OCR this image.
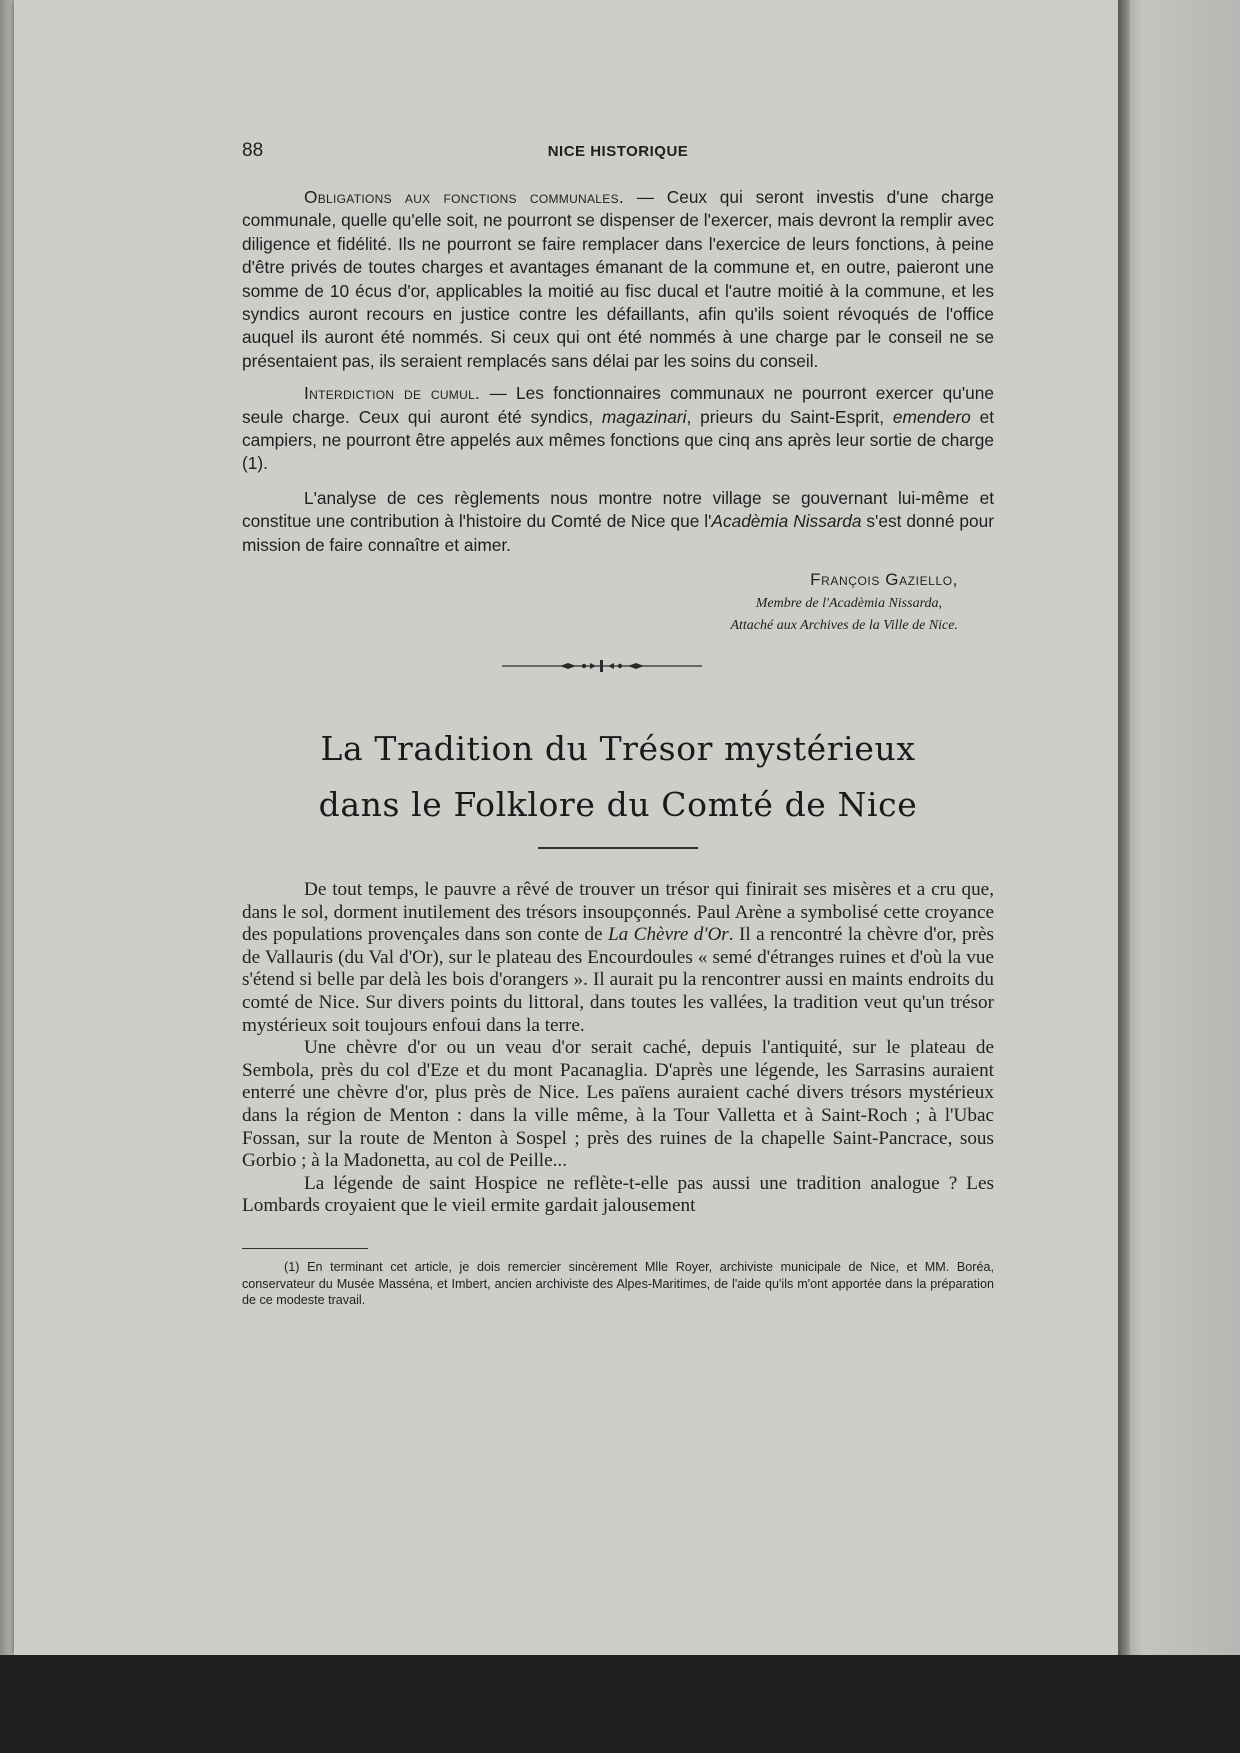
88	NICE HISTORIQUE

Obligations aux fonctions communales. — Ceux qui seront investis d'une charge communale, quelle qu'elle soit, ne pourront se dispenser de l'exercer, mais devront la remplir avec diligence et fidélité. Ils ne pourront se faire remplacer dans l'exercice de leurs fonctions, à peine d'être privés de toutes charges et avantages émanant de la commune et, en outre, paieront une somme de 10 écus d'or, applicables la moitié au fisc ducal et l'autre moitié à la commune, et les syndics auront recours en justice contre les défaillants, afin qu'ils soient révoqués de l'office auquel ils auront été nommés. Si ceux qui ont été nommés à une charge par le conseil ne se présentaient pas, ils seraient remplacés sans délai par les soins du conseil.

Interdiction de cumul. — Les fonctionnaires communaux ne pourront exercer qu'une seule charge. Ceux qui auront été syndics, magazinari, prieurs du Saint-Esprit, emendero et campiers, ne pourront être appelés aux mêmes fonctions que cinq ans après leur sortie de charge (1).

L'analyse de ces règlements nous montre notre village se gouvernant lui-même et constitue une contribution à l'histoire du Comté de Nice que l'Acadèmia Nissarda s'est donné pour mission de faire connaître et aimer.

François Gaziello,
Membre de l'Acadèmia Nissarda,
Attaché aux Archives de la Ville de Nice.
La Tradition du Trésor mystérieux
dans le Folklore du Comté de Nice

De tout temps, le pauvre a rêvé de trouver un trésor qui finirait ses misères et a cru que, dans le sol, dorment inutilement des trésors insoupçonnés. Paul Arène a symbolisé cette croyance des populations provençales dans son conte de La Chèvre d'Or. Il a rencontré la chèvre d'or, près de Vallauris (du Val d'Or), sur le plateau des Encourdoules « semé d'étranges ruines et d'où la vue s'étend si belle par delà les bois d'orangers ». Il aurait pu la rencontrer aussi en maints endroits du comté de Nice. Sur divers points du littoral, dans toutes les vallées, la tradition veut qu'un trésor mystérieux soit toujours enfoui dans la terre.

Une chèvre d'or ou un veau d'or serait caché, depuis l'antiquité, sur le plateau de Sembola, près du col d'Eze et du mont Pacanaglia. D'après une légende, les Sarrasins auraient enterré une chèvre d'or, plus près de Nice. Les païens auraient caché divers trésors mystérieux dans la région de Menton : dans la ville même, à la Tour Valletta et à Saint-Roch ; à l'Ubac Fossan, sur la route de Menton à Sospel ; près des ruines de la chapelle Saint-Pancrace, sous Gorbio ; à la Madonetta, au col de Peille...

La légende de saint Hospice ne reflète-t-elle pas aussi une tradition analogue ? Les Lombards croyaient que le vieil ermite gardait jalousement

(1) En terminant cet article, je dois remercier sincèrement Mlle Royer, archiviste municipale de Nice, et MM. Boréa, conservateur du Musée Masséna, et Imbert, ancien archiviste des Alpes-Maritimes, de l'aide qu'ils m'ont apportée dans la préparation de ce modeste travail.
